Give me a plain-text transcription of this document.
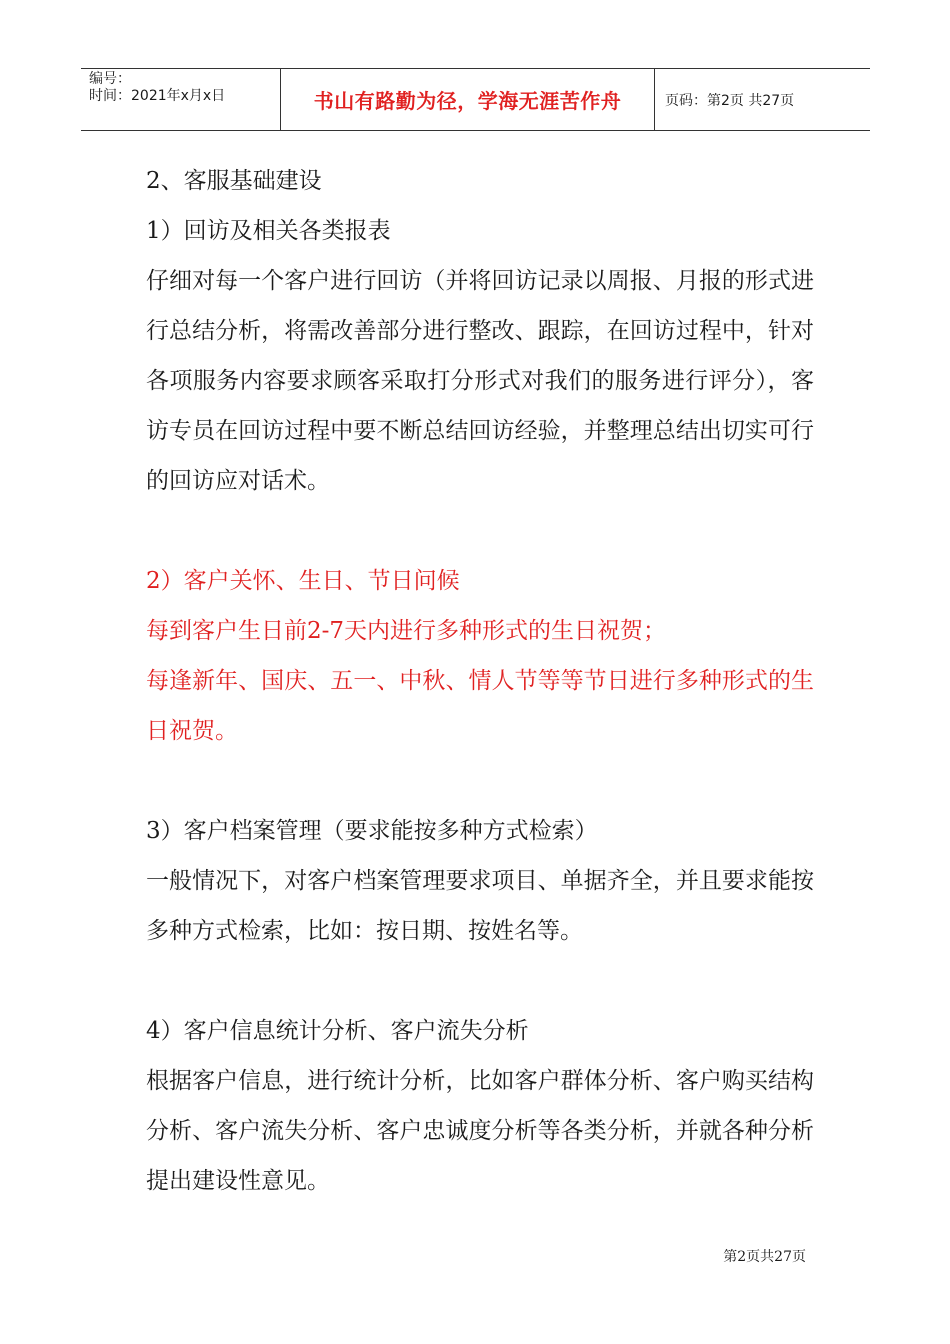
编号：
时间：2021年x月x日	书山有路勤为径，学海无涯苦作舟	页码：第2页 共27页

2、客服基础建设

1）回访及相关各类报表

仔细对每一个客户进行回访（并将回访记录以周报、月报的形式进行总结分析，将需改善部分进行整改、跟踪，在回访过程中，针对各项服务内容要求顾客采取打分形式对我们的服务进行评分），客访专员在回访过程中要不断总结回访经验，并整理总结出切实可行的回访应对话术。

2）客户关怀、生日、节日问候

每到客户生日前2-7天内进行多种形式的生日祝贺；

每逢新年、国庆、五一、中秋、情人节等等节日进行多种形式的生日祝贺。

3）客户档案管理（要求能按多种方式检索）

一般情况下，对客户档案管理要求项目、单据齐全，并且要求能按多种方式检索，比如：按日期、按姓名等。

4）客户信息统计分析、客户流失分析

根据客户信息，进行统计分析，比如客户群体分析、客户购买结构分析、客户流失分析、客户忠诚度分析等各类分析，并就各种分析提出建设性意见。

第2页共27页
